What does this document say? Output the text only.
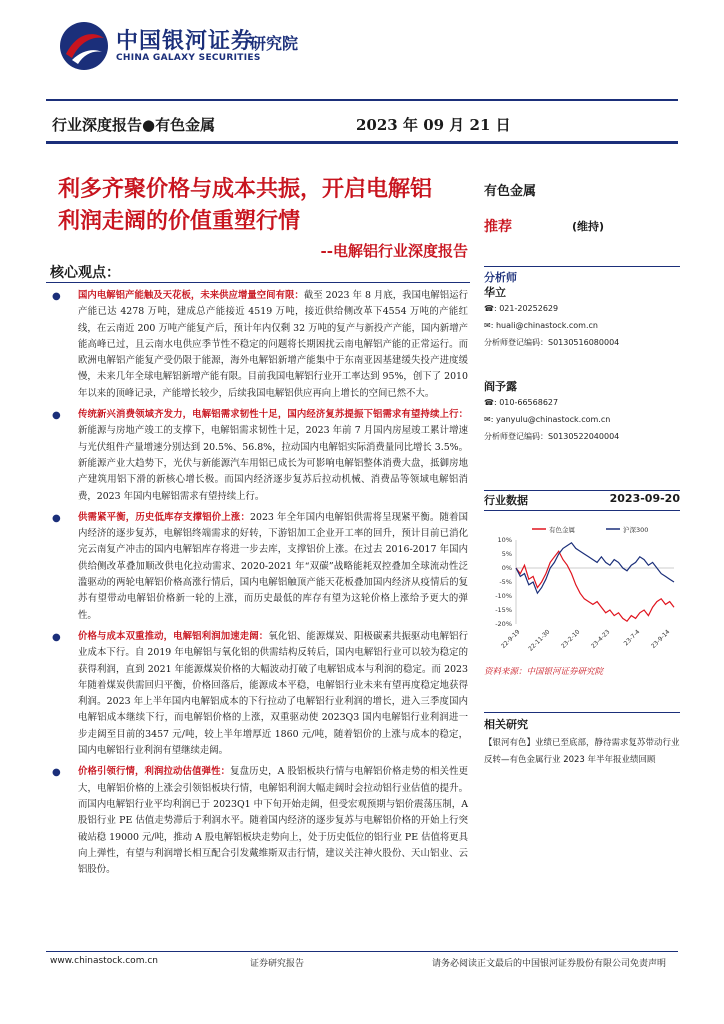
中国银河证券
CHINA GALAXY SECURITIES
研究院
行业深度报告●有色金属	2023 年 09 月 21 日
利多齐聚价格与成本共振，开启电解铝
利润走阔的价值重塑行情
--电解铝行业深度报告
核心观点：
● 国内电解铝产能触及天花板，未来供应增量空间有限：截至 2023 年 8 月底，我国电解铝运行产能已达 4278 万吨，建成总产能接近 4519 万吨，接近供给侧改革下4554 万吨的产能红线，在云南近 200 万吨产能复产后，预计年内仅剩 32 万吨的复产与新投产产能，国内新增产能高峰已过，且云南水电供应季节性不稳定的问题将长期困扰云南电解铝产能的正常运行。而欧洲电解铝产能复产受仍限于能源，海外电解铝新增产能集中于东南亚因基建缓失投产进度缓慢，未来几年全球电解铝新增产能有限。目前我国电解铝行业开工率达到 95%，创下了 2010 年以来的顶峰记录，产能增长较少，后续我国电解铝供应再向上增长的空间已然不大。
● 传统新兴消费领域齐发力，电解铝需求韧性十足，国内经济复苏提振下铝需求有望持续上行：新能源与房地产竣工的支撑下，电解铝需求韧性十足，2023 年前 7 月国内房屋竣工累计增速与光伏组件产量增速分别达到 20.5%、56.8%，拉动国内电解铝实际消费量同比增长 3.5%。新能源产业大趋势下，光伏与新能源汽车用铝已成长为可影响电解铝整体消费大盘，抵御房地产建筑用铝下滑的新核心增长极。而国内经济逐步复苏后拉动机械、消费品等领域电解铝消费，2023 年国内电解铝需求有望持续上行。
● 供需紧平衡，历史低库存支撑铝价上涨：2023 年全年国内电解铝供需将呈现紧平衡。随着国内经济的逐步复苏，电解铝终端需求的好转，下游铝加工企业开工率的回升，预计目前已消化完云南复产冲击的国内电解铝库存将进一步去库，支撑铝价上涨。在过去 2016-2017 年国内供给侧改革叠加顺改供电化拉动需求、2020-2021 年“双碳”战略能耗双控叠加全球流动性泛滥驱动的两轮电解铝价格高涨行情后，国内电解铝触顶产能天花板叠加国内经济从疫情后的复苏有望带动电解铝价格新一轮的上涨，而历史最低的库存有望为这轮价格上涨给予更大的弹性。
● 价格与成本双重推动，电解铝利润加速走阔：氧化铝、能源煤炭、阳极碳素共振驱动电解铝行业成本下行。自 2019 年电解铝与氧化铝的供需结构反转后，国内电解铝行业可以较为稳定的获得利润，直到 2021 年能源煤炭价格的大幅波动打破了电解铝成本与利润的稳定。而 2023 年随着煤炭供需回归平衡，价格回落后，能源成本平稳，电解铝行业未来有望再度稳定地获得利润。2023 年上半年国内电解铝成本的下行拉动了电解铝行业利润的增长，进入三季度国内电解铝成本继续下行，而电解铝价格的上涨，双重驱动使 2023Q3 国内电解铝行业利润进一步走阔至目前的3457 元/吨，较上半年增厚近 1860 元/吨，随着铝价的上涨与成本的稳定，国内电解铝行业利润有望继续走阔。
● 价格引领行情，利润拉动估值弹性：复盘历史，A 股铝板块行情与电解铝价格走势的相关性更大，电解铝价格的上涨会引领铝板块行情，电解铝利润大幅走阔时会拉动铝行业估值的提升。而国内电解铝行业平均利润已于 2023Q1 中下旬开始走阔，但受宏观预期与铝价震荡压制，A 股铝行业 PE 估值走势滞后于利润水平。随着国内经济的逐步复苏与电解铝价格的开始上行突破站稳 19000 元/吨，推动 A 股电解铝板块走势向上，处于历史低位的铝行业 PE 估值将更具向上弹性，有望与利润增长相互配合引发戴维斯双击行情，建议关注神火股份、天山铝业、云铝股份。
有色金属
推荐	(维持)
分析师
华立
☎: 021-20252629
✉: huali@chinastock.com.cn
分析师登记编码：S0130516080004
阎予露
☎: 010-66568627
✉: yanyulu@chinastock.com.cn
分析师登记编码：S0130522040004
行业数据	2023-09-20
有色金属	沪深300
10%
5%
0%
-5%
-10%
-15%
-20%
22-9-19 22-11-30 23-2-10 23-4-23 23-7-4 23-9-14
资料来源：中国银河证券研究院
相关研究
【银河有色】业绩已至底部，静待需求复苏带动行业反转—有色金属行业 2023 年半年报业绩回顾
www.chinastock.com.cn	证券研究报告	请务必阅读正文最后的中国银河证券股份有限公司免责声明
